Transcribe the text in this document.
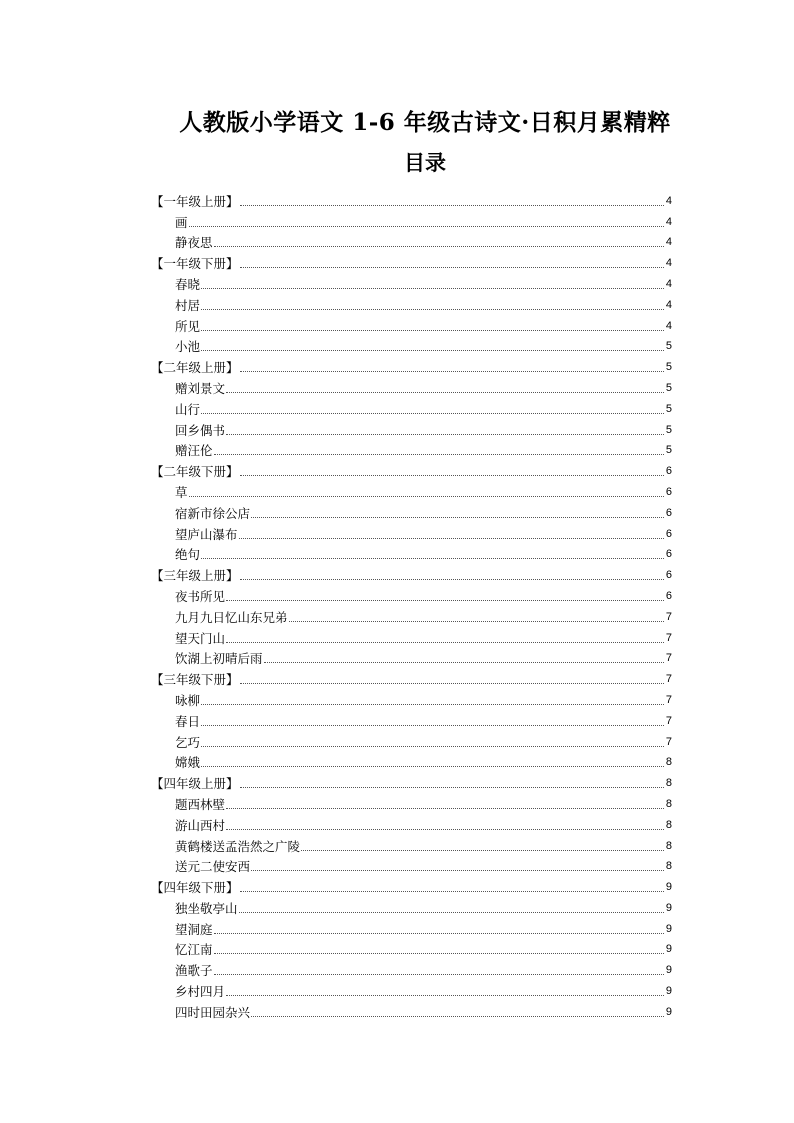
人教版小学语文 1-6 年级古诗文·日积月累精粹
目录
【一年级上册】	4
画	4
静夜思	4
【一年级下册】	4
春晓	4
村居	4
所见	4
小池	5
【二年级上册】	5
赠刘景文	5
山行	5
回乡偶书	5
赠汪伦	5
【二年级下册】	6
草	6
宿新市徐公店	6
望庐山瀑布	6
绝句	6
【三年级上册】	6
夜书所见	6
九月九日忆山东兄弟	7
望天门山	7
饮湖上初晴后雨	7
【三年级下册】	7
咏柳	7
春日	7
乞巧	7
嫦娥	8
【四年级上册】	8
题西林壁	8
游山西村	8
黄鹤楼送孟浩然之广陵	8
送元二使安西	8
【四年级下册】	9
独坐敬亭山	9
望洞庭	9
忆江南	9
渔歌子	9
乡村四月	9
四时田园杂兴	9
